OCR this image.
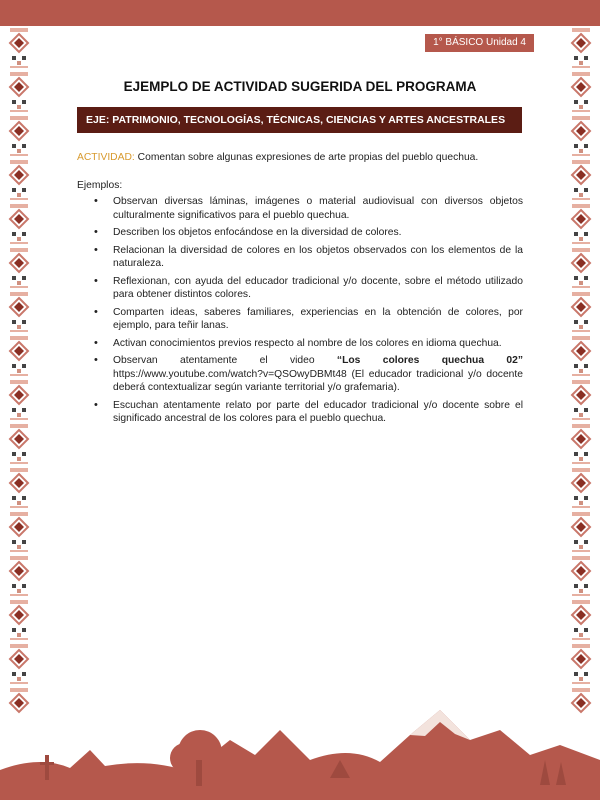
1° BÁSICO Unidad 4
EJEMPLO DE ACTIVIDAD SUGERIDA DEL PROGRAMA
EJE: PATRIMONIO, TECNOLOGÍAS, TÉCNICAS, CIENCIAS Y ARTES ANCESTRALES

ACTIVIDAD: Comentan sobre algunas expresiones de arte propias del pueblo quechua.

Ejemplos:

• Observan diversas láminas, imágenes o material audiovisual con diversos objetos culturalmente significativos para el pueblo quechua.
• Describen los objetos enfocándose en la diversidad de colores.
• Relacionan la diversidad de colores en los objetos observados con los elementos de la naturaleza.
• Reflexionan, con ayuda del educador tradicional y/o docente, sobre el método utilizado para obtener distintos colores.
• Comparten ideas, saberes familiares, experiencias en la obtención de colores, por ejemplo, para teñir lanas.
• Activan conocimientos previos respecto al nombre de los colores en idioma quechua.
• Observan atentamente el video “Los colores quechua 02” https://www.youtube.com/watch?v=QSOwyDBMt48 (El educador tradicional y/o docente deberá contextualizar según variante territorial y/o grafemaria).
• Escuchan atentamente relato por parte del educador tradicional y/o docente sobre el significado ancestral de los colores para el pueblo quechua.
